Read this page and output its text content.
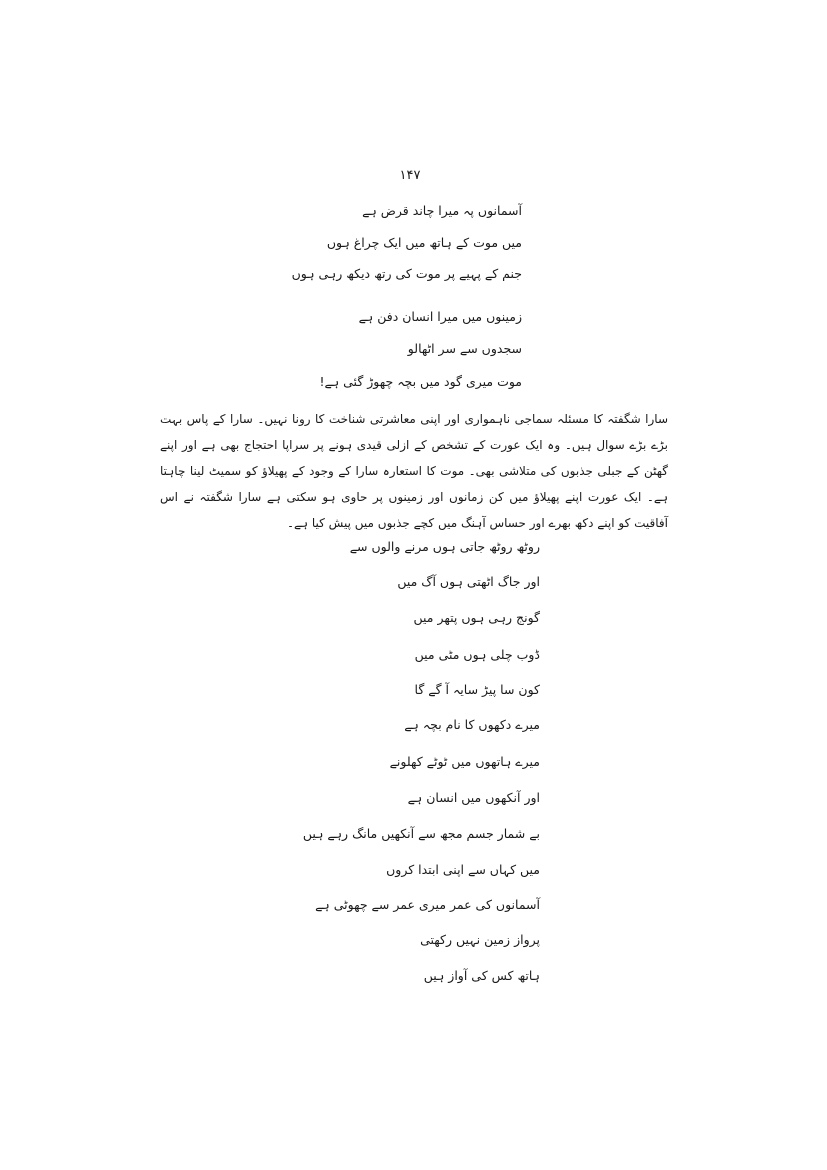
۱۴۷
آسمانوں پہ میرا چاند قرض ہے
میں موت کے ہاتھ میں ایک چراغ ہوں
جنم کے پہیے پر موت کی رتھ دیکھ رہی ہوں
زمینوں میں میرا انسان دفن ہے
سجدوں سے سر اٹھالو
موت میری گود میں بچہ چھوڑ گئی ہے!
سارا شگفتہ کا مسئلہ سماجی ناہمواری اور اپنی معاشرتی شناخت کا رونا نہیں۔ سارا کے پاس بہت بڑے بڑے سوال ہیں۔ وہ ایک عورت کے تشخص کے ازلی قیدی ہونے پر سراپا احتجاج بھی ہے اور اپنے گھٹن کے جبلی جذبوں کی متلاشی بھی۔ موت کا استعارہ سارا کے وجود کے پھیلاؤ کو سمیٹ لینا چاہتا ہے۔ ایک عورت اپنے پھیلاؤ میں کن زمانوں اور زمینوں پر حاوی ہو سکتی ہے سارا شگفتہ نے اس آفاقیت کو اپنے دکھ بھرے اور حساس آہنگ میں کچے جذبوں میں پیش کیا ہے۔
روٹھ روٹھ جاتی ہوں مرنے والوں سے
اور جاگ اٹھتی ہوں آگ میں
گونج رہی ہوں پتھر میں
ڈوب چلی ہوں مٹی میں
کون سا پیڑ سایہ آ گے گا
میرے دکھوں کا نام بچہ ہے
میرے ہاتھوں میں ٹوٹے کھلونے
اور آنکھوں میں انسان ہے
بے شمار جسم مجھ سے آنکھیں مانگ رہے ہیں
میں کہاں سے اپنی ابتدا کروں
آسمانوں کی عمر میری عمر سے چھوٹی ہے
پرواز زمین نہیں رکھتی
ہاتھ کس کی آواز ہیں
